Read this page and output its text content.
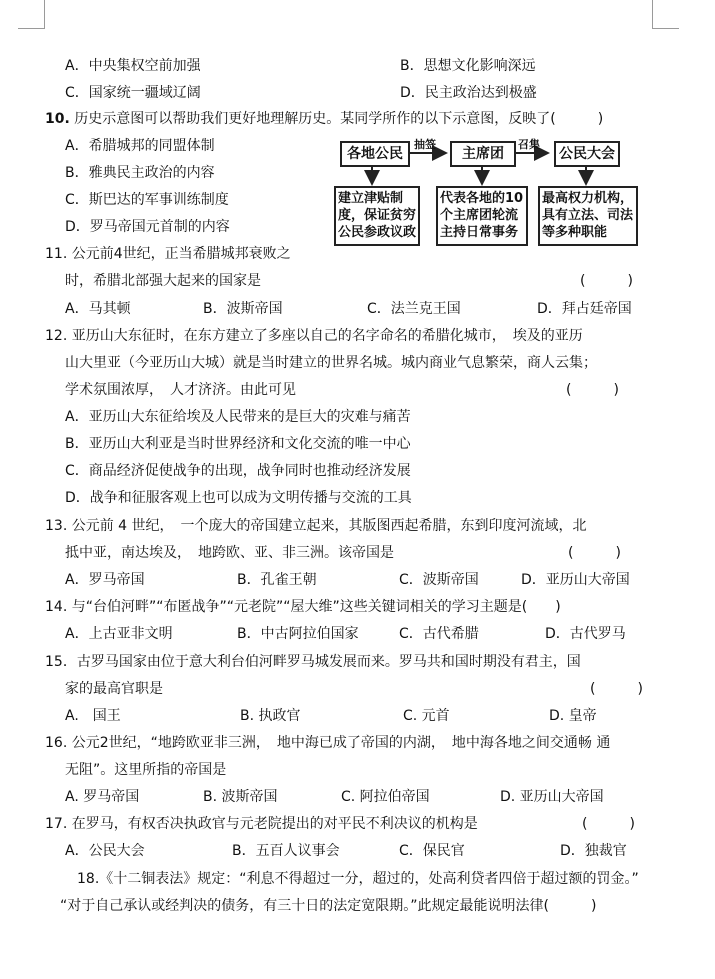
A．中央集权空前加强	B．思想文化影响深远
C．国家统一疆域辽阔	D．民主政治达到极盛
10. 历史示意图可以帮助我们更好地理解历史。某同学所作的以下示意图，反映了(　　　)
A．希腊城邦的同盟体制
B．雅典民主政治的内容
C．斯巴达的军事训练制度
D．罗马帝国元首制的内容
抽签	召集
各地公民	主席团	公民大会
建立津贴制
度，保证贫穷
公民参政议政
代表各地的10
个主席团轮流
主持日常事务
最高权力机构，
具有立法、司法
等多种职能
11. 公元前4世纪，正当希腊城邦衰败之
时，希腊北部强大起来的国家是	(　　　)
A．马其顿	B．波斯帝国	C．法兰克王国	D．拜占廷帝国
12. 亚历山大东征时，在东方建立了多座以自己的名字命名的希腊化城市，　埃及的亚历
山大里亚（今亚历山大城）就是当时建立的世界名城。城内商业气息繁荣，商人云集；
学术氛围浓厚，　人才济济。由此可见	(　　　)
A．亚历山大东征给埃及人民带来的是巨大的灾难与痛苦
B．亚历山大利亚是当时世界经济和文化交流的唯一中心
C．商品经济促使战争的出现，战争同时也推动经济发展
D．战争和征服客观上也可以成为文明传播与交流的工具
13. 公元前 4 世纪，　一个庞大的帝国建立起来，其版图西起希腊，东到印度河流域，北
抵中亚，南达埃及，　地跨欧、亚、非三洲。该帝国是	(　　　)
A．罗马帝国	B．孔雀王朝	C．波斯帝国	D．亚历山大帝国
14. 与“台伯河畔”“布匿战争”“元老院”“屋大维”这些关键词相关的学习主题是(　　)
A．上古亚非文明	B．中古阿拉伯国家	C．古代希腊	D．古代罗马
15．古罗马国家由位于意大利台伯河畔罗马城发展而来。罗马共和国时期没有君主，国
家的最高官职是	(　　　)
A.　国王	B. 执政官	C. 元首	D. 皇帝
16. 公元2世纪，“地跨欧亚非三洲，　地中海已成了帝国的内湖，　地中海各地之间交通畅 通
无阻”。这里所指的帝国是
A. 罗马帝国	B. 波斯帝国	C. 阿拉伯帝国	D. 亚历山大帝国
17. 在罗马，有权否决执政官与元老院提出的对平民不利决议的机构是	(　　　)
A．公民大会	B．五百人议事会	C．保民官	D．独裁官
18.《十二铜表法》规定：“利息不得超过一分，超过的，处高利贷者四倍于超过额的罚金。”
“对于自己承认或经判决的债务，有三十日的法定宽限期。”此规定最能说明法律(　　　)
